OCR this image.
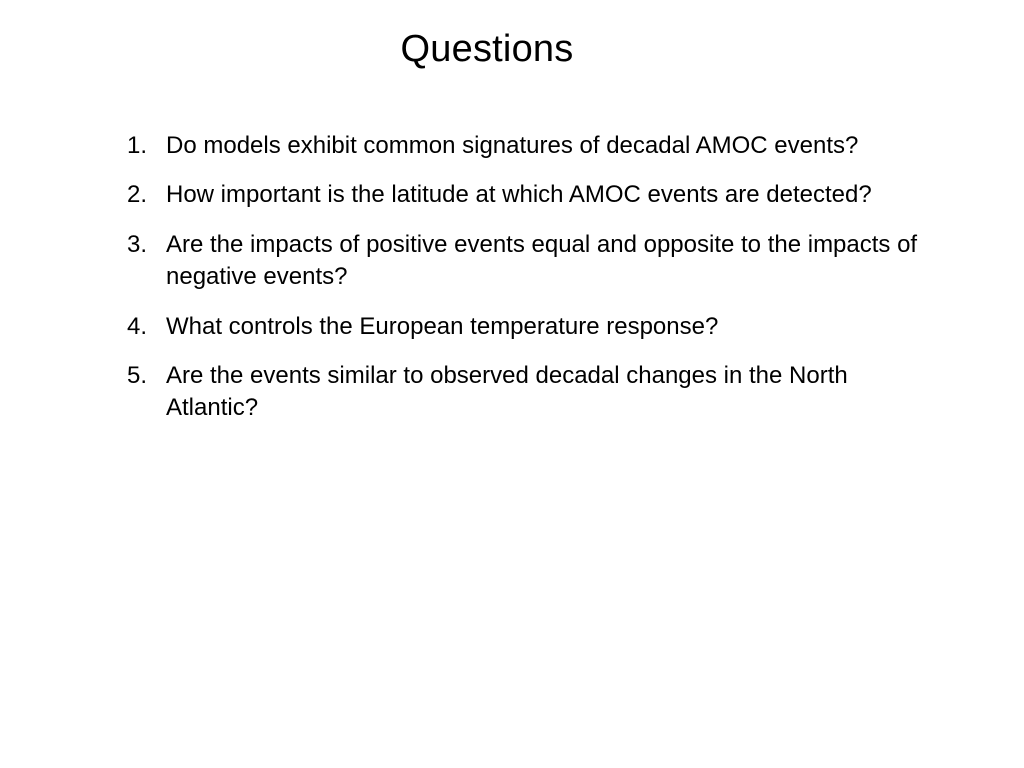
Questions
1. Do models exhibit common signatures of decadal AMOC events?
2. How important is the latitude at which AMOC events are detected?
3. Are the impacts of positive events equal and opposite to the impacts of negative events?
4. What controls the European temperature response?
5. Are the events similar to observed decadal changes in the North Atlantic?
